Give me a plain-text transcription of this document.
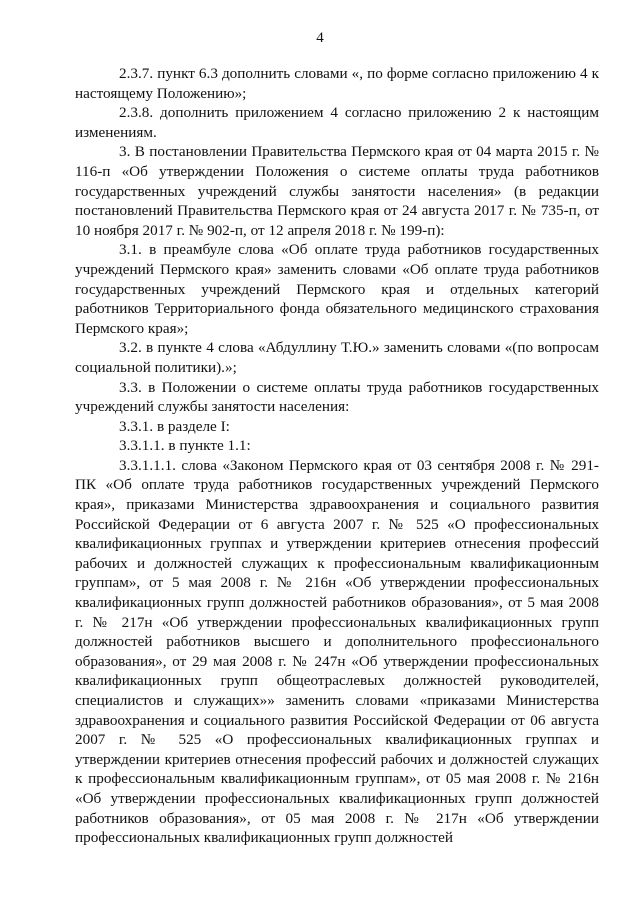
4

2.3.7. пункт 6.3 дополнить словами «, по форме согласно приложению 4 к настоящему Положению»;

2.3.8. дополнить приложением 4 согласно приложению 2 к настоящим изменениям.

3. В постановлении Правительства Пермского края от 04 марта 2015 г. № 116-п «Об утверждении Положения о системе оплаты труда работников государственных учреждений службы занятости населения» (в редакции постановлений Правительства Пермского края от 24 августа 2017 г. № 735-п, от 10 ноября 2017 г. № 902-п, от 12 апреля 2018 г. № 199-п):

3.1. в преамбуле слова «Об оплате труда работников государственных учреждений Пермского края» заменить словами «Об оплате труда работников государственных учреждений Пермского края и отдельных категорий работников Территориального фонда обязательного медицинского страхования Пермского края»;

3.2. в пункте 4 слова «Абдуллину Т.Ю.» заменить словами «(по вопросам социальной политики).»;

3.3. в Положении о системе оплаты труда работников государственных учреждений службы занятости населения:

3.3.1. в разделе I:

3.3.1.1. в пункте 1.1:

3.3.1.1.1. слова «Законом Пермского края от 03 сентября 2008 г. № 291-ПК «Об оплате труда работников государственных учреждений Пермского края», приказами Министерства здравоохранения и социального развития Российской Федерации от 6 августа 2007 г. № 525 «О профессиональных квалификационных группах и утверждении критериев отнесения профессий рабочих и должностей служащих к профессиональным квалификационным группам», от 5 мая 2008 г. № 216н «Об утверждении профессиональных квалификационных групп должностей работников образования», от 5 мая 2008 г. № 217н «Об утверждении профессиональных квалификационных групп должностей работников высшего и дополнительного профессионального образования», от 29 мая 2008 г. № 247н «Об утверждении профессиональных квалификационных групп общеотраслевых должностей руководителей, специалистов и служащих»» заменить словами «приказами Министерства здравоохранения и социального развития Российской Федерации от 06 августа 2007 г. № 525 «О профессиональных квалификационных группах и утверждении критериев отнесения профессий рабочих и должностей служащих к профессиональным квалификационным группам», от 05 мая 2008 г. № 216н «Об утверждении профессиональных квалификационных групп должностей работников образования», от 05 мая 2008 г. № 217н «Об утверждении профессиональных квалификационных групп должностей
